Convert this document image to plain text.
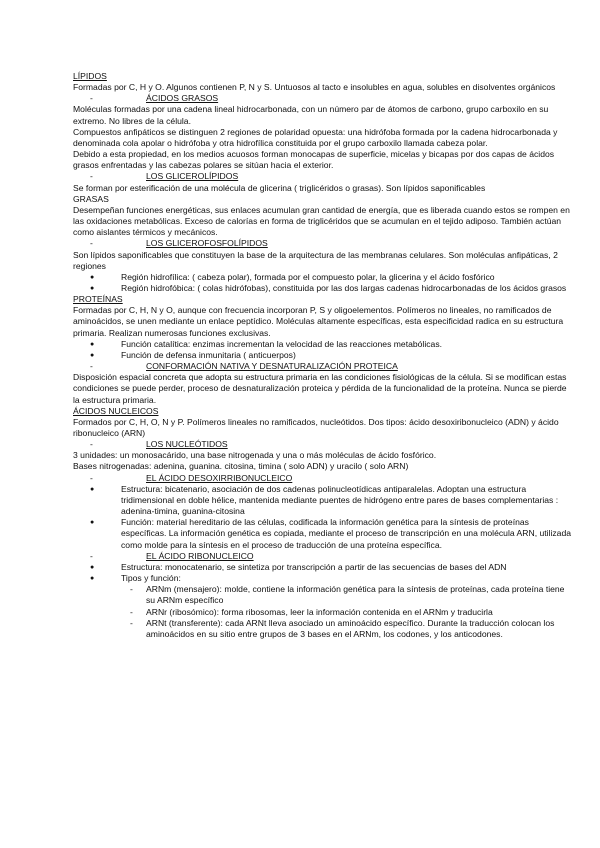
LÍPIDOS

Formadas por C, H y O. Algunos contienen P, N y S. Untuosos al tacto e insolubles en agua, solubles en disolventes orgánicos

-	ÁCIDOS GRASOS

Moléculas formadas por una cadena lineal hidrocarbonada, con un número par de átomos de carbono, grupo carboxilo en su extremo. No libres de la célula.

Compuestos anfipáticos se distinguen 2 regiones de polaridad opuesta: una hidrófoba formada por la cadena hidrocarbonada y denominada cola apolar o hidrófoba y otra hidrofílica constituida por el grupo carboxilo llamada cabeza polar.

Debido a esta propiedad, en los medios acuosos forman monocapas de superficie, micelas y bicapas por dos capas de ácidos grasos enfrentadas y las cabezas polares se sitúan hacia el exterior.

-	LOS GLICEROLÍPIDOS

Se forman por esterificación de una molécula de glicerina ( triglicéridos o grasas). Son lípidos saponificables

GRASAS

Desempeñan funciones energéticas, sus enlaces acumulan gran cantidad de energía, que es liberada cuando estos se rompen en las oxidaciones metabólicas. Exceso de calorías en forma de triglicéridos que se acumulan en el tejido adiposo. También actúan como aislantes térmicos y mecánicos.

-	LOS GLICEROFOSFOLÍPIDOS

Son lípidos saponificables que constituyen la base de la arquitectura de las membranas celulares. Son moléculas anfipáticas, 2 regiones

●	Región hidrofílica: ( cabeza polar), formada por el compuesto polar, la glicerina y el ácido fosfórico

●	Región hidrofóbica: ( colas hidrófobas), constituida por las dos largas cadenas hidrocarbonadas de los ácidos grasos

PROTEÍNAS

Formadas por C, H, N y O, aunque con frecuencia incorporan P, S y oligoelementos. Polímeros no lineales, no ramificados de aminoácidos, se unen mediante un enlace peptídico. Moléculas altamente específicas, esta especificidad radica en su estructura primaria. Realizan numerosas funciones exclusivas.

●	Función catalítica: enzimas incrementan la velocidad de las reacciones metabólicas.

●	Función de defensa inmunitaria ( anticuerpos)

-	CONFORMACIÓN NATIVA Y DESNATURALIZACIÓN PROTEICA

Disposición espacial concreta que adopta su estructura primaria en las condiciones fisiológicas de la célula. Si se modifican estas condiciones se puede perder, proceso de desnaturalización proteica y pérdida de la funcionalidad de la proteína. Nunca se pierde la estructura primaria.

ÁCIDOS NUCLEICOS

Formados por C, H, O, N y P. Polímeros lineales no ramificados, nucleótidos. Dos tipos: ácido desoxiribonucleico (ADN) y ácido ribonucleico (ARN)

-	LOS NUCLEÓTIDOS

3 unidades: un monosacárido, una base nitrogenada y una o más moléculas de ácido fosfórico.

Bases nitrogenadas: adenina, guanina. citosina, timina ( solo ADN) y uracilo ( solo ARN)

-	EL ÁCIDO DESOXIRRIBONUCLEICO

●	Estructura: bicatenario, asociación de dos cadenas polinucleotídicas antiparalelas. Adoptan una estructura tridimensional en doble hélice, mantenida mediante puentes de hidrógeno entre pares de bases complementarias : adenina-timina, guanina-citosina

●	Función: material hereditario de las células, codificada la información genética para la síntesis de proteínas específicas. La información genética es copiada, mediante el proceso de transcripción en una molécula ARN, utilizada como molde para la síntesis en el proceso de traducción de una proteína específica.

-	EL ÁCIDO RIBONUCLEICO

●	Estructura: monocatenario, se sintetiza por transcripción a partir de las secuencias de bases del ADN

●	Tipos y función:

- ARNm (mensajero): molde, contiene la información genética para la síntesis de proteínas, cada proteína tiene su ARNm específico

- ARNr (ribosómico): forma ribosomas, leer la información contenida en el ARNm y traducirla

- ARNt (transferente): cada ARNt lleva asociado un aminoácido específico. Durante la traducción colocan los aminoácidos en su sitio entre grupos de 3 bases en el ARNm, los codones, y los anticodones.
